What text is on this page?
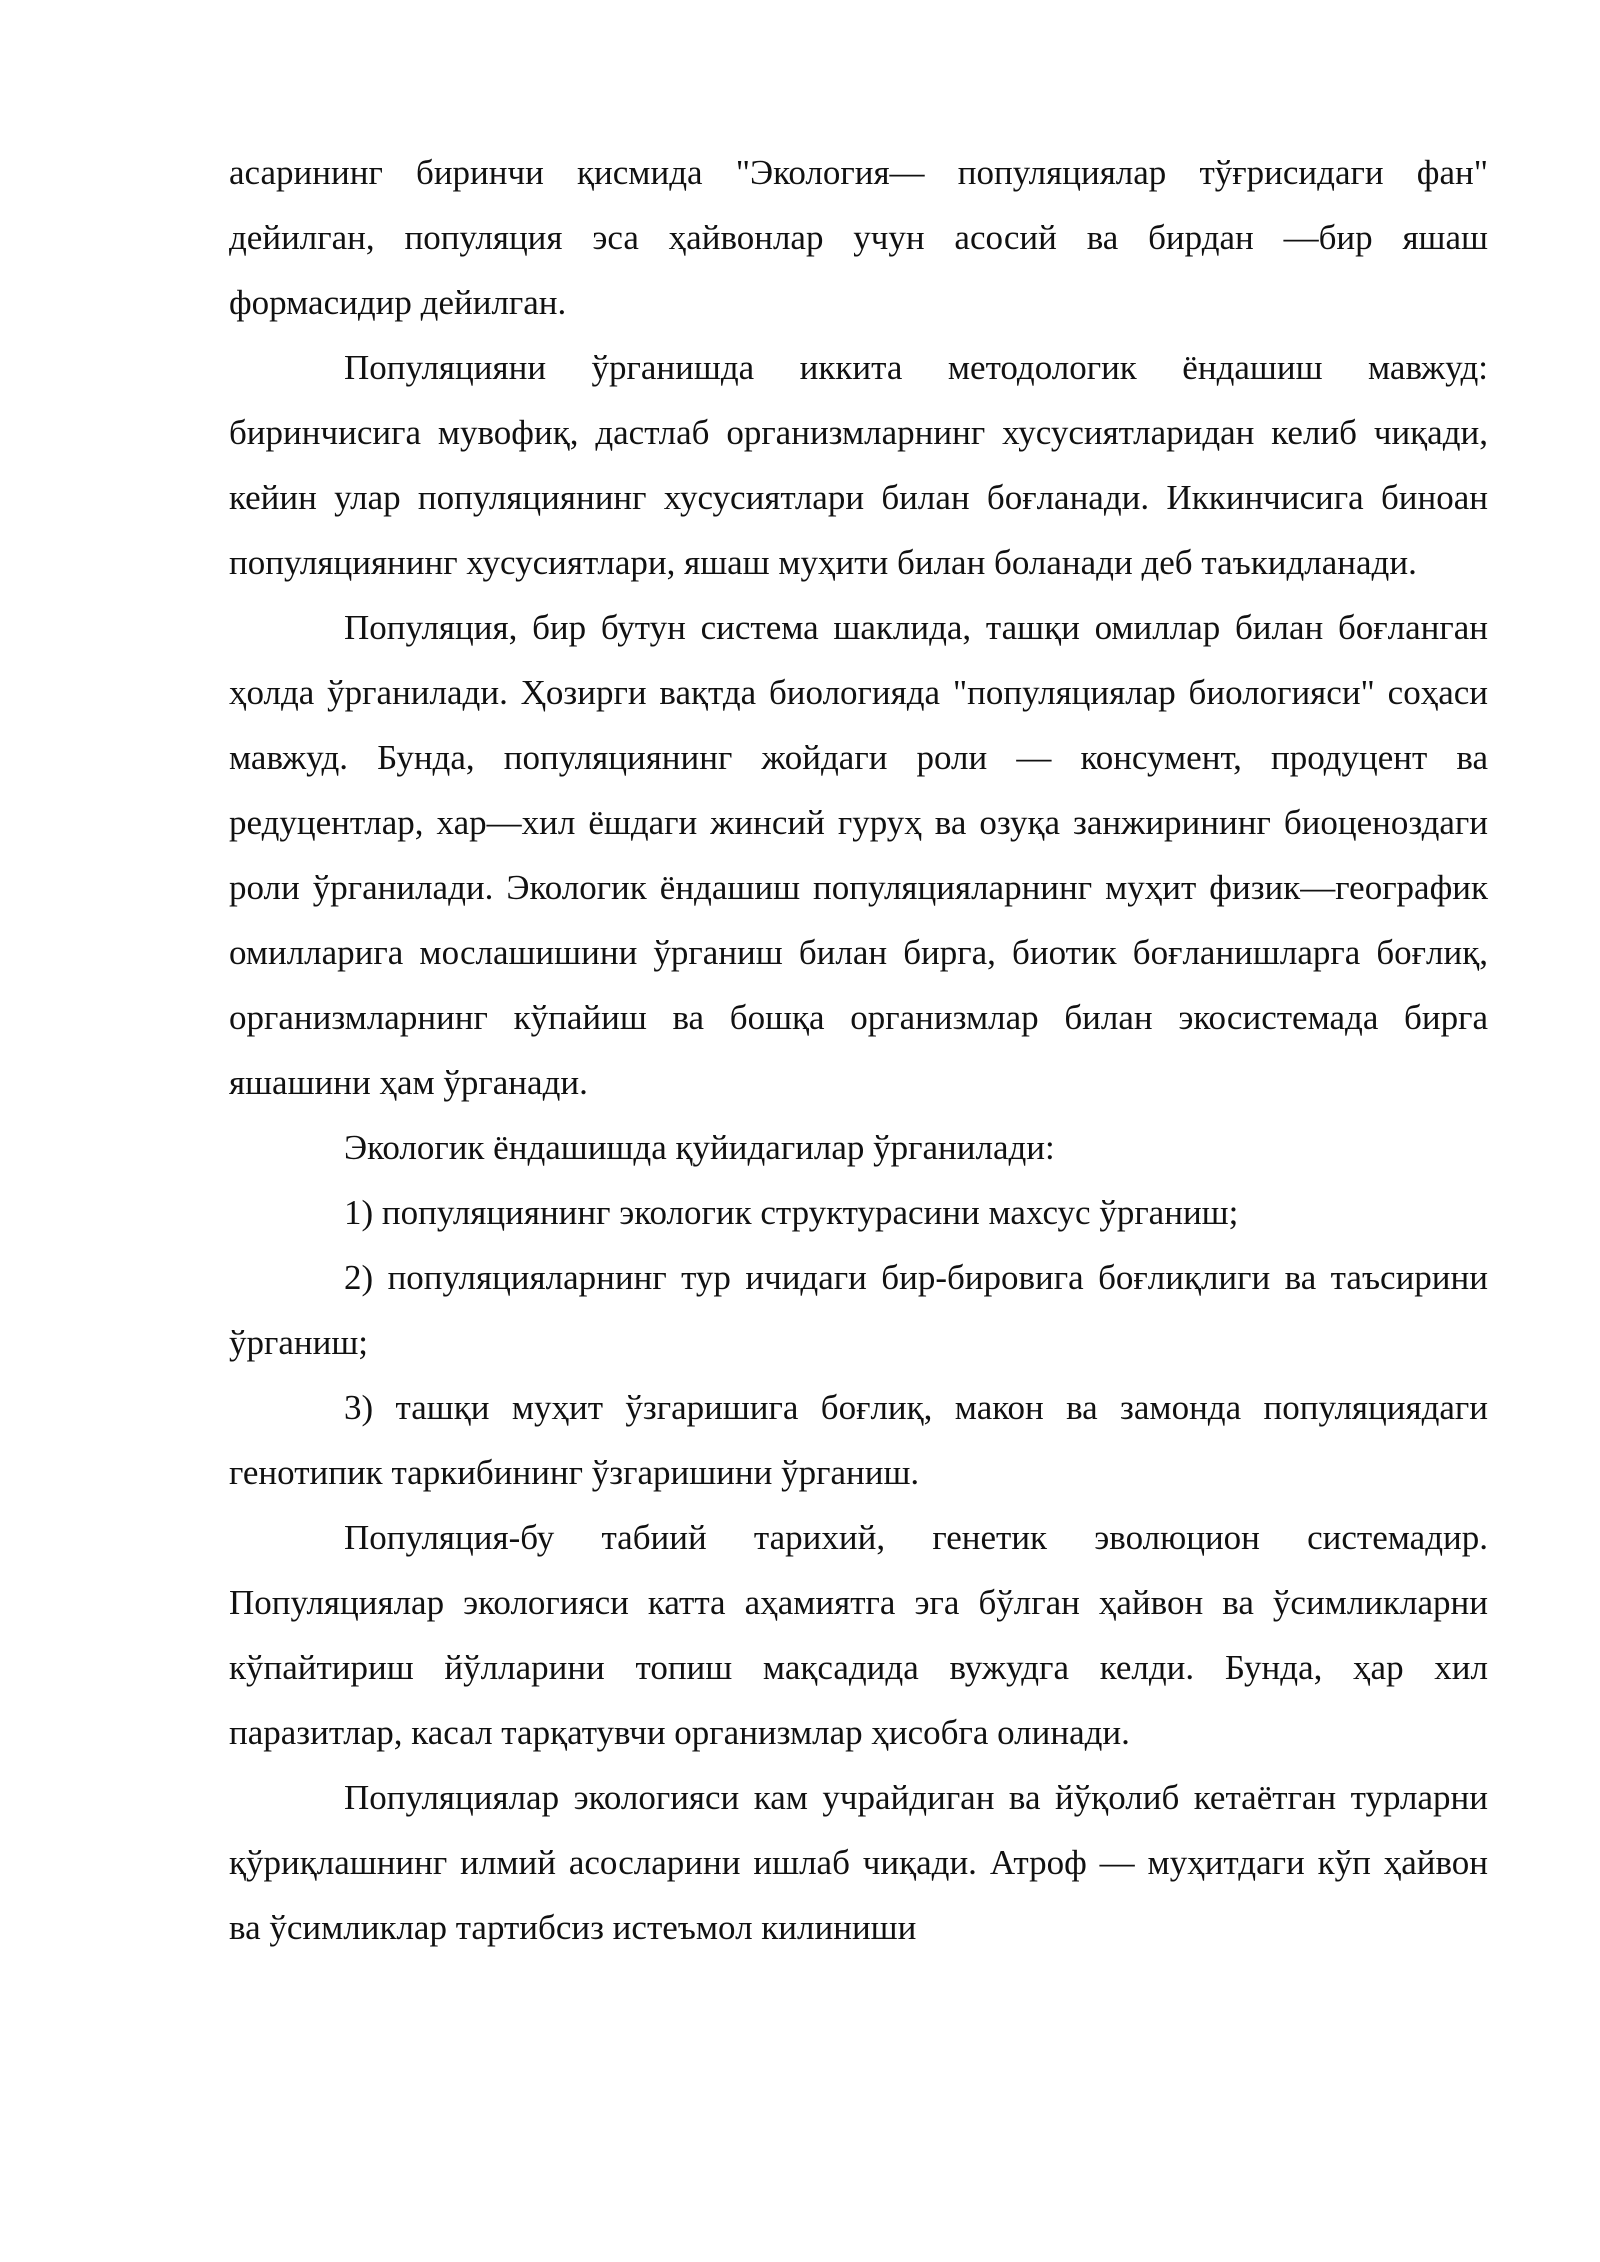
асарининг биринчи қисмида "Экология— популяциялар тўғрисидаги фан" дейилган, популяция эса ҳайвонлар учун асосий ва бирдан —бир яшаш формасидир дейилган.

Популяцияни ўрганишда иккита методологик ёндашиш мавжуд: биринчисига мувофиқ, дастлаб организмларнинг хусусиятларидан келиб чиқади, кейин улар популяциянинг хусусиятлари билан боғланади. Иккинчисига биноан популяциянинг хусусиятлари, яшаш муҳити билан боланади деб таъкидланади.

Популяция, бир бутун система шаклида, ташқи омиллар билан боғланган ҳолда ўрганилади. Ҳозирги вақтда биологияда "популяциялар биологияси" соҳаси мавжуд. Бунда, популяциянинг жойдаги роли — консумент, продуцент ва редуцентлар, хар—хил ёшдаги жинсий гуруҳ ва озуқа занжирининг биоценоздаги роли ўрганилади. Экологик ёндашиш популяцияларнинг муҳит физик—географик омилларига мослашишини ўрганиш билан бирга, биотик боғланишларга боғлиқ, организмларнинг кўпайиш ва бошқа организмлар билан экосистемада бирга яшашини ҳам ўрганади.

Экологик ёндашишда қуйидагилар ўрганилади:

1) популяциянинг экологик структурасини махсус ўрганиш;

2) популяцияларнинг тур ичидаги бир-бировига боғлиқлиги ва таъсирини ўрганиш;

3) ташқи муҳит ўзгаришига боғлиқ, макон ва замонда популяциядаги генотипик таркибининг ўзгаришини ўрганиш.

Популяция-бу табиий тарихий, генетик эволюцион системадир. Популяциялар экологияси катта аҳамиятга эга бўлган ҳайвон ва ўсимликларни кўпайтириш йўлларини топиш мақсадида вужудга келди. Бунда, ҳар хил паразитлар, касал тарқатувчи организмлар ҳисобга олинади.

Популяциялар экологияси кам учрайдиган ва йўқолиб кетаётган турларни қўриқлашнинг илмий асосларини ишлаб чиқади. Атроф — муҳитдаги кўп ҳайвон ва ўсимликлар тартибсиз истеъмол килиниши
